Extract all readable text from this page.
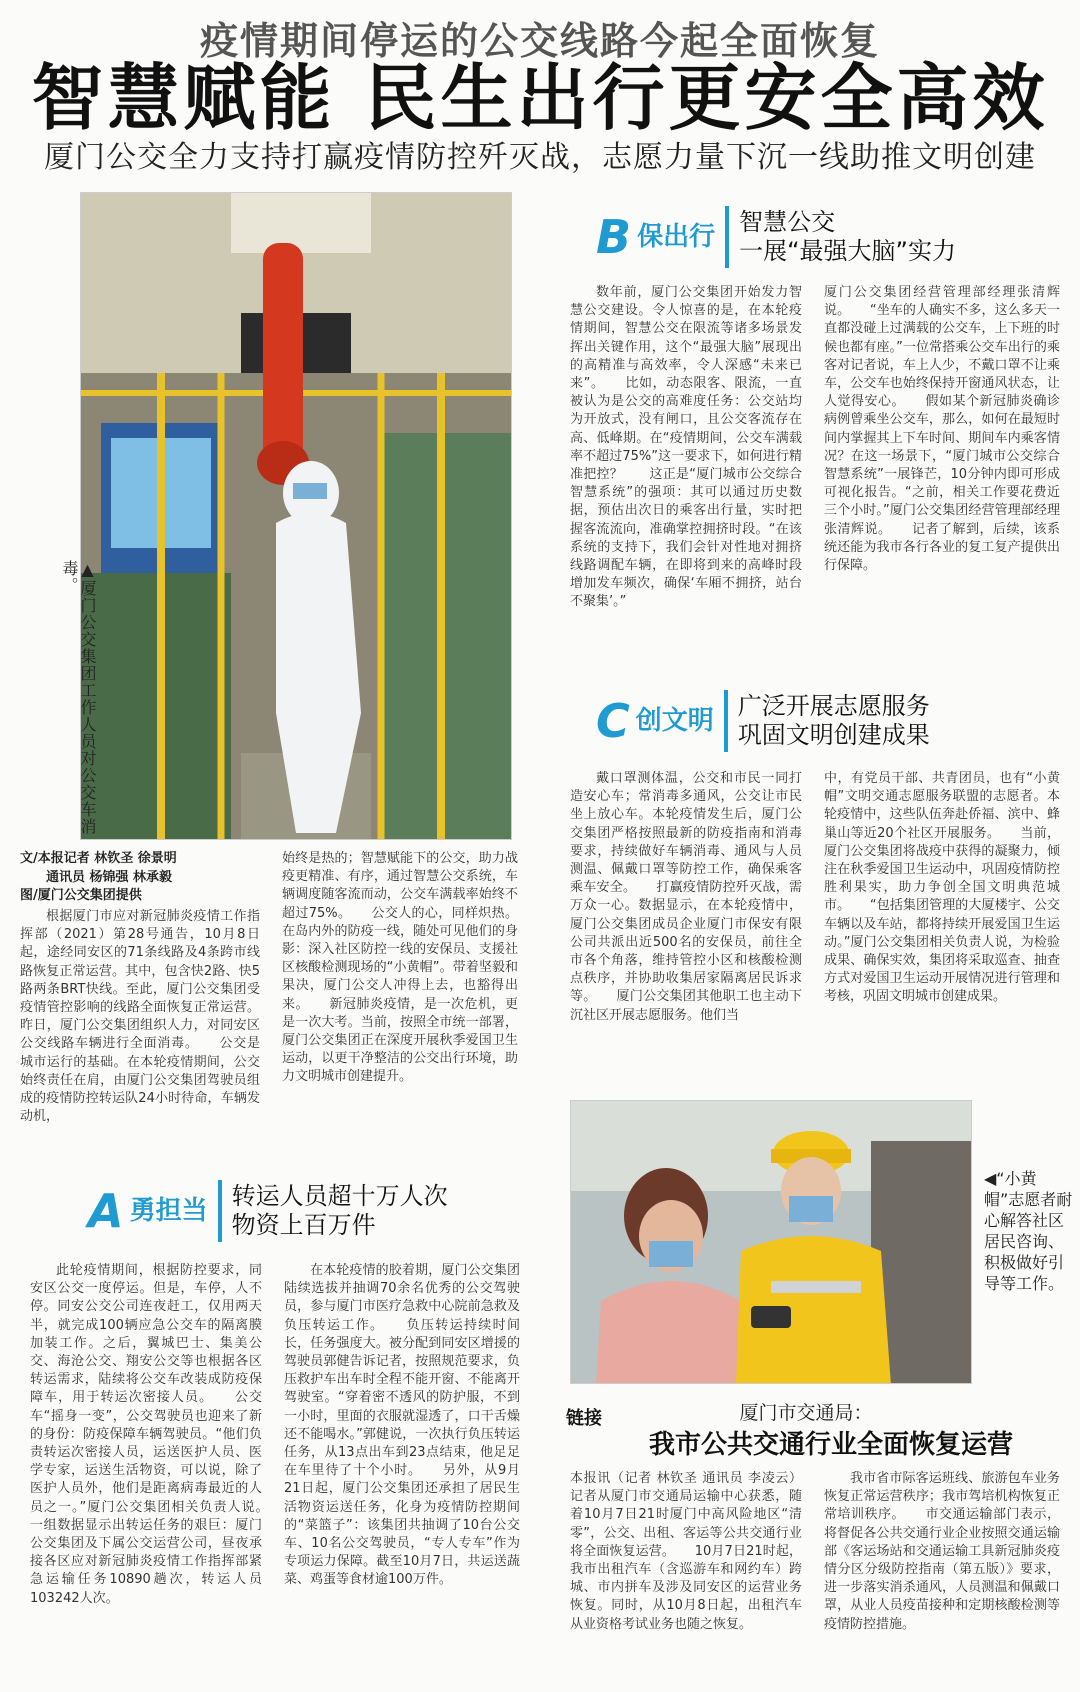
疫情期间停运的公交线路今起全面恢复
智慧赋能 民生出行更安全高效
厦门公交全力支持打赢疫情防控歼灭战，志愿力量下沉一线助推文明创建
▲厦门公交集团工作人员对公交车消毒。
文/本报记者 林钦圣 徐景明
通讯员 杨锦强 林承毅
图/厦门公交集团提供

根据厦门市应对新冠肺炎疫情工作指挥部（2021）第28号通告，10月8日起，途经同安区的71条线路及4条跨市线路恢复正常运营。其中，包含快2路、快5路两条BRT快线。至此，厦门公交集团受疫情管控影响的线路全面恢复正常运营。昨日，厦门公交集团组织人力，对同安区公交线路车辆进行全面消毒。　　公交是城市运行的基础。在本轮疫情期间，公交始终责任在肩，由厦门公交集团驾驶员组成的疫情防控转运队24小时待命，车辆发动机，

始终是热的；智慧赋能下的公交，助力战疫更精准、有序，通过智慧公交系统，车辆调度随客流而动，公交车满载率始终不超过75%。　　公交人的心，同样炽热。在岛内外的防疫一线，随处可见他们的身影：深入社区防控一线的安保员、支援社区核酸检测现场的“小黄帽”。带着坚毅和果决，厦门公交人冲得上去，也豁得出来。　　新冠肺炎疫情，是一次危机，更是一次大考。当前，按照全市统一部署，厦门公交集团正在深度开展秋季爱国卫生运动，以更干净整洁的公交出行环境，助力文明城市创建提升。

A 勇担当 转运人员超十万人次
物资上百万件

此轮疫情期间，根据防控要求，同安区公交一度停运。但是，车停，人不停。同安公交公司连夜赶工，仅用两天半，就完成100辆应急公交车的隔离膜加装工作。之后，翼城巴士、集美公交、海沧公交、翔安公交等也根据各区转运需求，陆续将公交车改装成防疫保障车，用于转运次密接人员。　　公交车“摇身一变”，公交驾驶员也迎来了新的身份：防疫保障车辆驾驶员。“他们负责转运次密接人员，运送医护人员、医学专家，运送生活物资，可以说，除了医护人员外，他们是距离病毒最近的人员之一。”厦门公交集团相关负责人说。　　一组数据显示出转运任务的艰巨：厦门公交集团及下属公交运营公司，昼夜承接各区应对新冠肺炎疫情工作指挥部紧急运输任务10890趟次，转运人员103242人次。

在本轮疫情的胶着期，厦门公交集团陆续选拔并抽调70余名优秀的公交驾驶员，参与厦门市医疗急救中心院前急救及负压转运工作。　　负压转运持续时间长，任务强度大。被分配到同安区增援的驾驶员郭健告诉记者，按照规范要求，负压救护车出车时全程不能开窗、不能离开驾驶室。“穿着密不透风的防护服，不到一小时，里面的衣服就湿透了，口干舌燥还不能喝水。”郭健说，一次执行负压转运任务，从13点出车到23点结束，他足足在车里待了十个小时。　　另外，从9月21日起，厦门公交集团还承担了居民生活物资运送任务，化身为疫情防控期间的“菜篮子”：该集团共抽调了10台公交车、10名公交驾驶员，“专人专车”作为专项运力保障。截至10月7日，共运送蔬菜、鸡蛋等食材逾100万件。

B 保出行 智慧公交
一展“最强大脑”实力

数年前，厦门公交集团开始发力智慧公交建设。令人惊喜的是，在本轮疫情期间，智慧公交在限流等诸多场景发挥出关键作用，这个“最强大脑”展现出的高精准与高效率，令人深感“未来已来”。　　比如，动态限客、限流，一直被认为是公交的高难度任务：公交站均为开放式，没有闸口，且公交客流存在高、低峰期。在“疫情期间，公交车满载率不超过75%”这一要求下，如何进行精准把控？　　这正是“厦门城市公交综合智慧系统”的强项：其可以通过历史数据，预估出次日的乘客出行量，实时把握客流流向，准确掌控拥挤时段。“在该系统的支持下，我们会针对性地对拥挤线路调配车辆，在即将到来的高峰时段增加发车频次，确保‘车厢不拥挤，站台不聚集’。”

厦门公交集团经营管理部经理张清辉说。　　“坐车的人确实不多，这么多天一直都没碰上过满载的公交车，上下班的时候也都有座。”一位常搭乘公交车出行的乘客对记者说，车上人少，不戴口罩不让乘车，公交车也始终保持开窗通风状态，让人觉得安心。　　假如某个新冠肺炎确诊病例曾乘坐公交车，那么，如何在最短时间内掌握其上下车时间、期间车内乘客情况？在这一场景下，“厦门城市公交综合智慧系统”一展锋芒，10分钟内即可形成可视化报告。“之前，相关工作要花费近三个小时。”厦门公交集团经营管理部经理张清辉说。　　记者了解到，后续，该系统还能为我市各行各业的复工复产提供出行保障。

C 创文明 广泛开展志愿服务
巩固文明创建成果

戴口罩测体温，公交和市民一同打造安心车；常消毒多通风，公交让市民坐上放心车。本轮疫情发生后，厦门公交集团严格按照最新的防疫指南和消毒要求，持续做好车辆消毒、通风与人员测温、佩戴口罩等防控工作，确保乘客乘车安全。　　打赢疫情防控歼灭战，需万众一心。数据显示，在本轮疫情中，厦门公交集团成员企业厦门市保安有限公司共派出近500名的安保员，前往全市各个角落，维持管控小区和核酸检测点秩序，并协助收集居家隔离居民诉求等。　　厦门公交集团其他职工也主动下沉社区开展志愿服务。他们当

中，有党员干部、共青团员，也有“小黄帽”文明交通志愿服务联盟的志愿者。本轮疫情中，这些队伍奔赴侨福、滨中、蜂巢山等近20个社区开展服务。　　当前，厦门公交集团将战疫中获得的凝聚力，倾注在秋季爱国卫生运动中，巩固疫情防控胜利果实，助力争创全国文明典范城市。　　“包括集团管理的大厦楼宇、公交车辆以及车站，都将持续开展爱国卫生运动。”厦门公交集团相关负责人说，为检验成果、确保实效，集团将采取巡查、抽查方式对爱国卫生运动开展情况进行管理和考核，巩固文明城市创建成果。

◀“小黄帽”志愿者耐心解答社区居民咨询、积极做好引导等工作。
链接	厦门市交通局：
我市公共交通行业全面恢复运营

本报讯（记者 林钦圣 通讯员 李凌云）记者从厦门市交通局运输中心获悉，随着10月7日21时厦门中高风险地区“清零”，公交、出租、客运等公共交通行业将全面恢复运营。　　10月7日21时起，我市出租汽车（含巡游车和网约车）跨城、市内拼车及涉及同安区的运营业务恢复。同时，从10月8日起，出租汽车从业资格考试业务也随之恢复。

我市省市际客运班线、旅游包车业务恢复正常运营秩序；我市驾培机构恢复正常培训秩序。　　市交通运输部门表示，将督促各公共交通行业企业按照交通运输部《客运场站和交通运输工具新冠肺炎疫情分区分级防控指南（第五版）》要求，进一步落实消杀通风，人员测温和佩戴口罩，从业人员疫苗接种和定期核酸检测等疫情防控措施。
